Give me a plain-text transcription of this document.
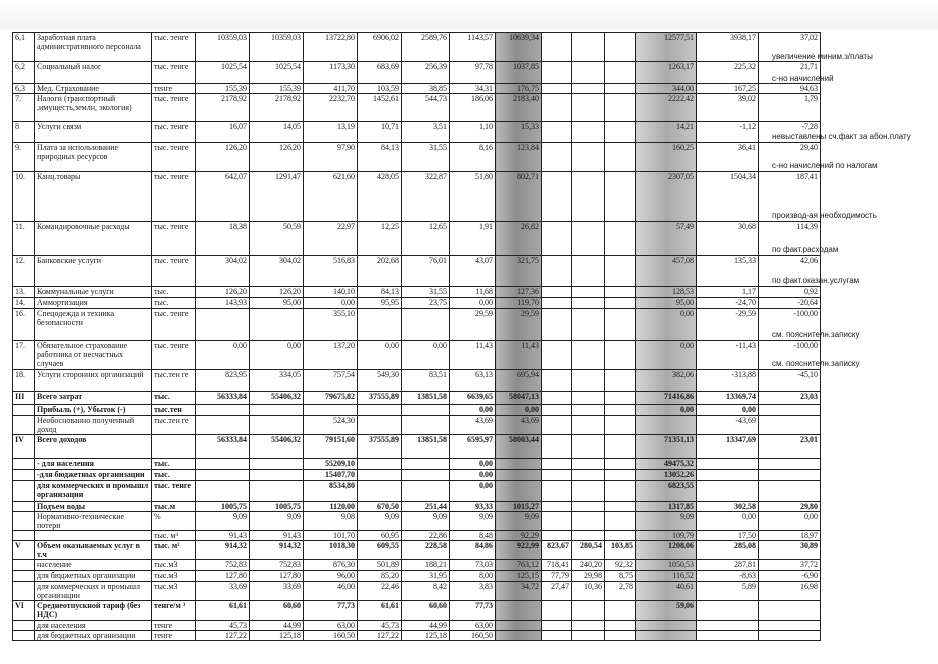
6,1	Заработная плата административного персонала	тыс. тенге	10359,03	10359,03	13722,80	6906,02	2589,76	1143,57	10639,34				12577,51	3938,17	37,02
6,2	Социальный налог	тыс. тенге	1025,54	1025,54	1173,30	683,69	256,39	97,78	1037,85				1263,17	225,32	21,71
6,3	Мед. Страхование	тенге	155,39	155,39	411,70	103,59	38,85	34,31	176,75				344,00	167,25	94,63
7.	Налоги (транспортный ,имущесть,землн, экология)	тыс. тенге	2178,92	2178,92	2232,70	1452,61	544,73	186,06	2183,40				2222,42	39,02	1,79
8	Услуги связи	тыс. тенге	16,07	14,05	13,19	10,71	3,51	1,10	15,33				14,21	-1,12	-7,28
9.	Плата за использование природных ресурсов	тыс. тенге	126,20	126,20	97,90	84,13	31,55	8,16	123,84				160,25	36,41	29,40
10.	Канц.товары	тыс. тенге	642,07	1291,47	621,60	428,05	322,87	51,80	802,71				2307,05	1504,34	187,41
11.	Командировочные расходы	тыс. тенге	18,38	50,59	22,97	12,25	12,65	1,91	26,82				57,49	30,68	114,39
12.	Банковские услуги	тыс. тенге	304,02	304,02	516,83	202,68	76,01	43,07	321,75				457,08	135,33	42,06
13.	Коммунальные услуги	тыс.	126,20	126,20	140,10	84,13	31,55	11,68	127,36				128,53	1,17	0,92
14.	Аммортизация	тыс.	143,93	95,00	0,00	95,95	23,75	0,00	119,70				95,00	-24,70	-20,64
16.	Спецодежда и техника безопасности	тыс. тенге			355,10			29,59	29,59				0,00	-29,59	-100,00
17.	Обязательное страхование работника от несчастных случаев	тыс. тенге	0,00	0,00	137,20	0,00	0,00	11,43	11,43				0,00	-11,43	-100,00
18.	Услуги сторонних организаций	тыс.тен ге	823,95	334,05	757,54	549,30	83,51	63,13	695,94				382,06	-313,88	-45,10
III	Всего затрат	тыс.	56333,84	55406,32	79675,82	37555,89	13851,58	6639,65	58047,13				71416,86	13369,74	23,03
	Прибыль (+), Убыток (-)	тыс.тен						0,00	0,00				0,00	0,00	
	Необоснованно полученный доход	тыс.тен ге			524,30			43,69	43,69					-43,69	
IV	Всего доходов		56333,84	55406,32	79151,60	37555,89	13851,58	6595,97	58003,44				71351,13	13347,69	23,01
	- для населения	тыс.			55209,10			0,00					49475,32		
	-для бюджетных организации	тыс.			15407,70			0,00					13052,26		
	для коммерческих и промышл организации	тыс. тенге			8534,80			0,00					6823,55		
	Подъем воды	тыс.м	1005,75	1005,75	1120,00	670,50	251,44	93,33	1015,27				1317,85	302,58	29,80
	Нормативно-технические потери	%	9,09	9,09	9,08	9,09	9,09	9,09	9,09				9,09	0,00	0,00
		тыс. м³	91,43	91,43	101,70	60,95	22,86	8,48	92,29				109,79	17,50	18,97
V	Объем оказываемых услуг в т.ч	тыс. м³	914,32	914,32	1018,30	609,55	228,58	84,86	922,99	823,67	280,54	103,85	1208,06	285,08	30,89
	население	тыс.м3	752,83	752,83	876,30	501,89	188,21	73,03	763,12	718,41	240,20	92,32	1050,53	287,81	37,72
	для бюджетных организации	тыс.м3	127,80	127,80	96,00	85,20	31,95	8,00	125,15	77,79	29,98	8,75	116,52	-8,63	-6,90
	для коммерческих и промышл организации	тыс.м3	33,69	33,69	46,00	22,46	8,42	3,83	34,72	27,47	10,36	2,78	40,61	5,89	16,98
VI	Среднеотпускной тариф (без НДС)	тенге/м ³	61,61	60,60	77,73	61,61	60,60	77,73					59,06		
	для населения	тенге	45,73	44,99	63,00	45,73	44,99	63,00							
	для бюджетных организации	тенге	127,22	125,18	160,50	127,22	125,18	160,50							
увеличение миним.з/платы
с-но начислений
невыставлены сч.факт за абон.плату
с-но начислений по налогам
производ-ая необходимость
по факт.расходам
по факт.оказан.услугам
см. пояснителн.записку
см. пояснителн.записку
